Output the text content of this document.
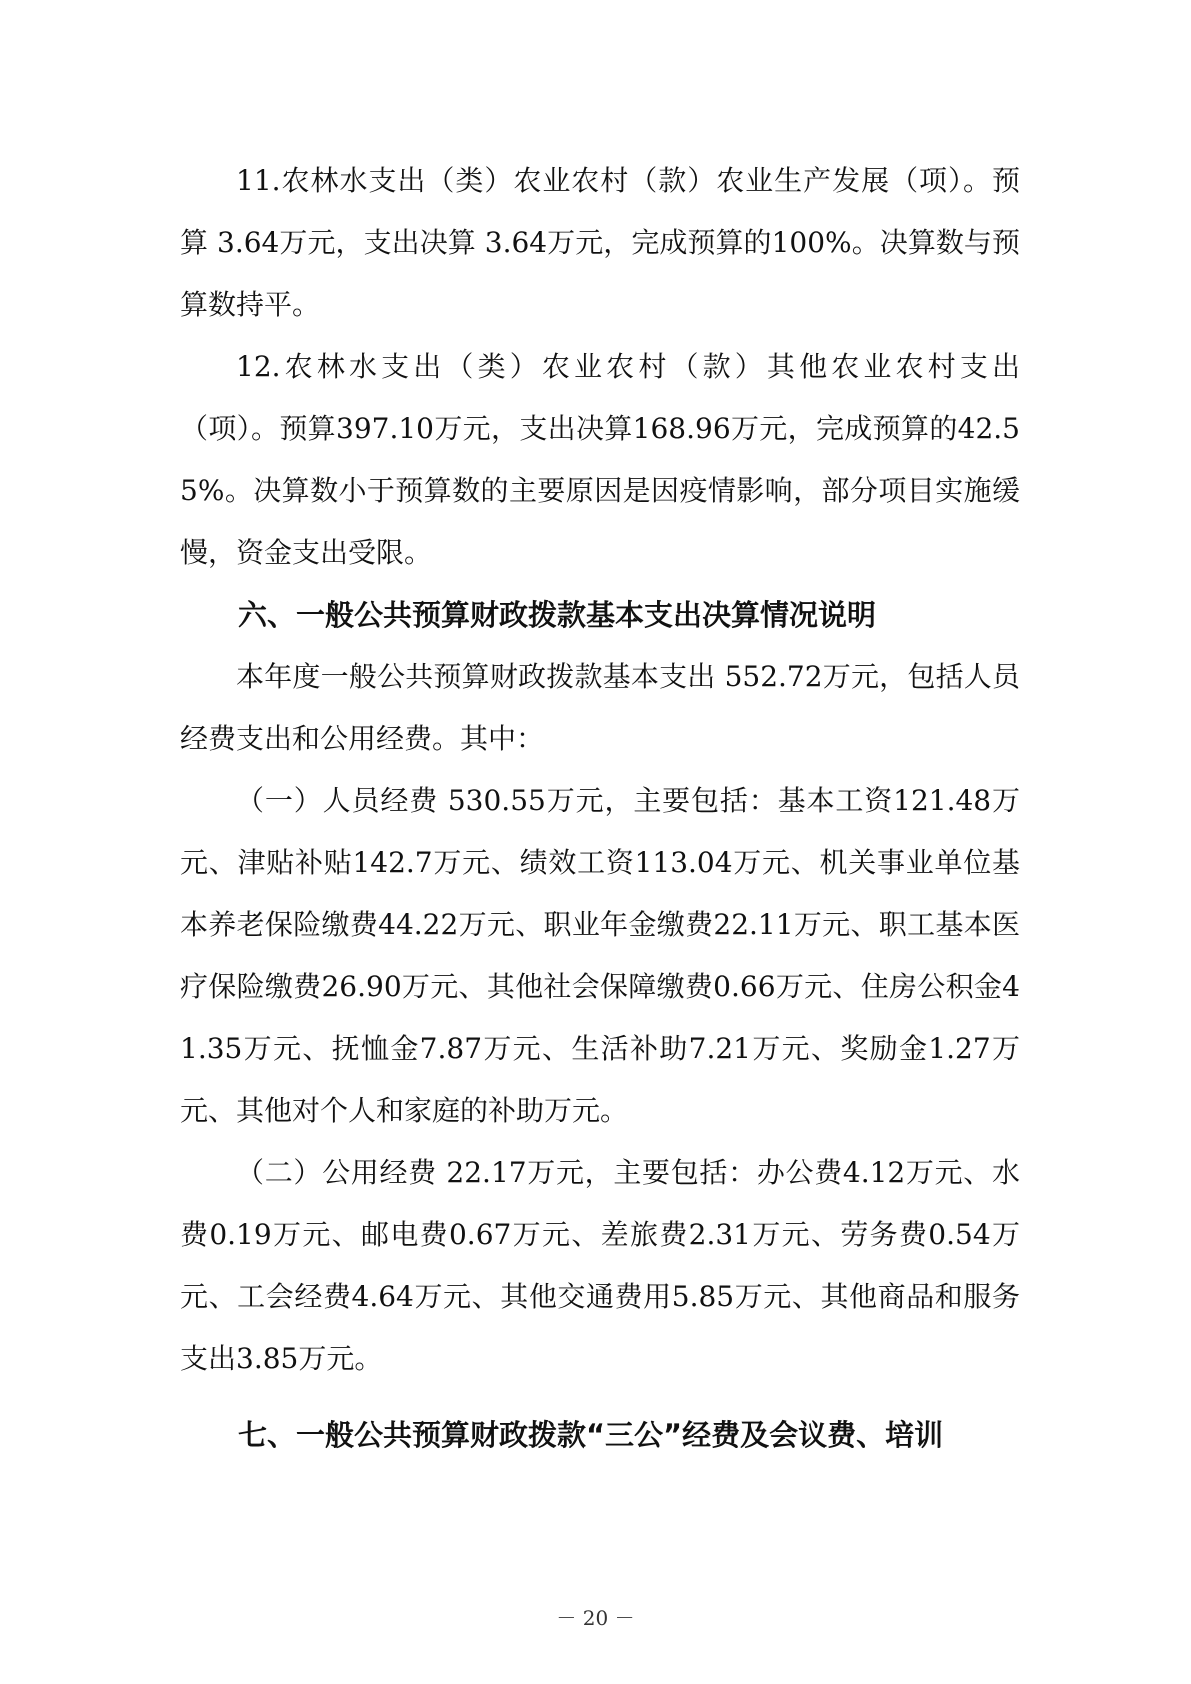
11.农林水支出（类）农业农村（款）农业生产发展（项）。预算 3.64万元，支出决算 3.64万元，完成预算的100%。决算数与预算数持平。

12.农林水支出（类）农业农村（款）其他农业农村支出（项）。预算397.10万元，支出决算168.96万元，完成预算的42.55%。决算数小于预算数的主要原因是因疫情影响，部分项目实施缓慢，资金支出受限。

六、一般公共预算财政拨款基本支出决算情况说明

本年度一般公共预算财政拨款基本支出 552.72万元，包括人员经费支出和公用经费。其中：

（一）人员经费 530.55万元，主要包括：基本工资121.48万元、津贴补贴142.7万元、绩效工资113.04万元、机关事业单位基本养老保险缴费44.22万元、职业年金缴费22.11万元、职工基本医疗保险缴费26.90万元、其他社会保障缴费0.66万元、住房公积金41.35万元、抚恤金7.87万元、生活补助7.21万元、奖励金1.27万元、其他对个人和家庭的补助万元。

（二）公用经费 22.17万元，主要包括：办公费4.12万元、水费0.19万元、邮电费0.67万元、差旅费2.31万元、劳务费0.54万元、工会经费4.64万元、其他交通费用5.85万元、其他商品和服务支出3.85万元。

七、一般公共预算财政拨款“三公”经费及会议费、培训

－ 20 －
